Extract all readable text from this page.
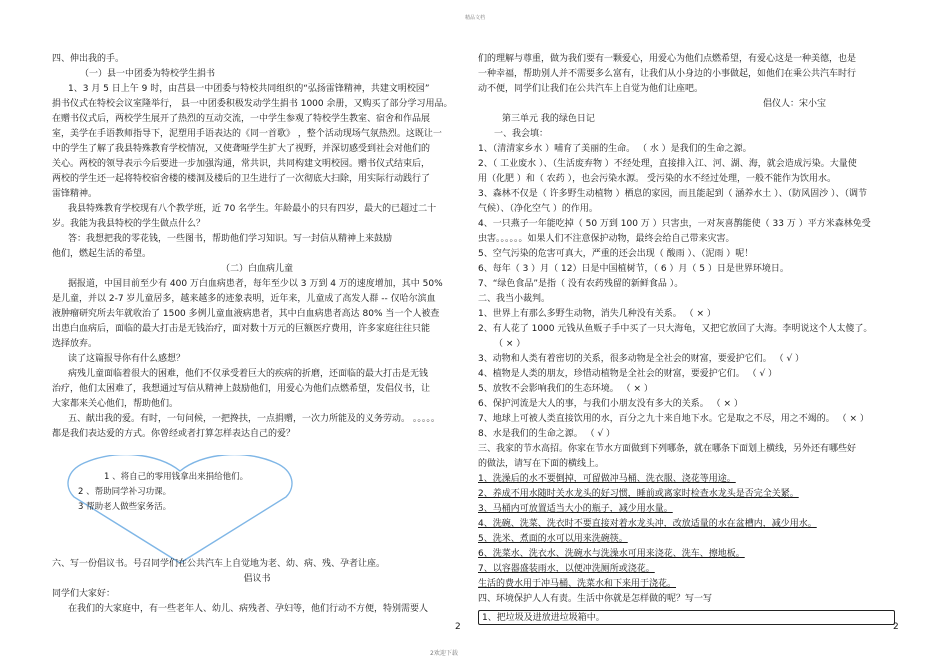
精品文档

四、伸出我的手。

（一）县一中团委为特校学生捐书

1、3 月 5 日上午 9 时，由莒县一中团委与特校共同组织的“弘扬雷锋精神，共建文明校园”

捐书仪式在特校会议室隆举行， 县一中团委积极发动学生捐书 1000 余册，又购买了部分学习用品。

在赠书仪式后，两校学生展开了热烈的互动交流，一中学生参观了特校学生教室、宿舍和作品展

室，美学在手语教师指导下，泥塑用手语表达的《同一首歌》 ，整个活动现场气氛热烈。这既让一

中的学生了解了我县特殊教育学校情况，又使聋哑学生扩大了视野，并深切感受到社会对他们的

关心。两校的领导表示今后要进一步加强沟通，常共识，共同构建文明校园。赠书仪式结束后，

两校的学生还一起将特校宿舍楼的楼洞及楼后的卫生进行了一次彻底大扫除，用实际行动践行了

雷锋精神。

我县特殊教育学校现有八个教学班，近 70 名学生。年龄最小的只有四岁，最大的已超过二十

岁。我能为我县特校的学生做点什么？

答：我想把我的零花钱，一些图书，帮助他们学习知识。写一封信从精神上来鼓励

他们，燃起生活的希望。

（二）白血病儿童

据报道，中国目前至少有 400 万白血病患者，每年至少以 3 万到 4 万的速度增加，其中 50%

是儿童，并以 2-7 岁儿童居多，越来越多的迹象表明，近年来，儿童成了高发人群 -- 仅哈尔滨血

液肿瘤研究所去年就收治了 1500 多例儿童血液病患者，其中白血病患者高达 80% 当一个人被查

出患白血病后，面临的最大打击是无钱治疗，面对数十万元的巨额医疗费用，许多家庭往往只能

选择放弃。

读了这篇报导你有什么感想？

病残儿童面临着很大的困难，他们不仅承受着巨大的疾病的折磨，还面临的最大打击是无钱

治疗，他们太困难了，我想通过写信从精神上鼓励他们，用爱心为他们点燃希望，发倡仪书，让

大家都来关心他们，帮助他们。

五、献出我的爱。有时，一句问候，一把搀扶，一点捐赠，一次力所能及的义务劳动。 。。。。。

都是我们表达爱的方式。你曾经或者打算怎样表达自己的爱？

1 、将自己的零用钱拿出来捐给他们。

2 、帮助同学补习功课。

3 帮助老人做些家务活。

六、写一份倡议书。号召同学们在公共汽车上自觉地为老、幼、病、残、孕者让座。

倡议书

同学们大家好：

在我们的大家庭中，有一些老年人、幼儿、病残者、孕妇等，他们行动不方便，特别需要人

们的理解与尊重，做为我们要有一颗爱心，用爱心为他们点燃希望，有爱心这是一种美德，也是

一种幸福，帮助别人并不需要多么富有，让我们从小身边的小事做起，如他们在乘公共汽车时行

动不便，同学们让我们在公共汽车上自觉为他们让座吧。

倡仪人：宋小宝

第三单元 我的绿色日记

一、我会填：

1、（清清家乡水 ）哺育了美丽的生命。 （ 水 ）是我们的生命之源。

2、（ 工业废水 ）、（生活废弃物 ）不经处理，直接排入江、河、湖、海，就会造成污染。大量使

用（化肥 ）和（ 农药 ），也会污染水源。 受污染的水不经过处理，一般不能作为饮用水。

3、森林不仅是（ 许多野生动植物 ）栖息的家园，而且能起到（ 涵养水土 ）、（防风固沙 ）、（调节

气候）、（净化空气 ）的作用。

4、一只燕子一年能吃掉（ 50 万到 100 万 ）只害虫，一对灰喜鹊能使（ 33 万 ）平方米森林免受

虫害。。。。。。如果人们不注意保护动物，最终会给自己带来灾害。

5、空气污染的危害可真大，严重的还会出现（ 酸雨 ）、（泥雨 ）呢！

6、每年（ 3 ）月（ 12）日是中国植树节，（ 6 ）月（ 5 ）日是世界环境日。

7、“绿色食品”是指（ 没有农药残留的新鲜食品 ）。

二、我当小裁判。

1、世界上有那么多野生动物，消失几种没有关系。 （ × ）

2、有人花了 1000 元钱从鱼贩子手中买了一只大海龟，又把它放回了大海。李明说这个人太傻了。

（ × ）

3、动物和人类有着密切的关系，很多动物是全社会的财富，要爱护它们。 （ √ ）

4、植物是人类的朋友，珍惜动植物是全社会的财富，要爱护它们。 （ √ ）

5、放牧不会影响我们的生态环境。 （ × ）

6、保护河流是大人的事，与我们小朋友没有多大的关系。 （ × ）

7、地球上可被人类直接饮用的水，百分之九十来自地下水。它是取之不尽，用之不竭的。 （ × ）

8、水是我们的生命之源。 （ √ ）

三、我家的节水高招。你家在节水方面做到下列哪条，就在哪条下面划上横线，另外还有哪些好

的做法，请写在下面的横线上。

1、洗澡后的水不要倒掉，可留做冲马桶、洗衣服、浇花等用途。

2、养成不用水随时关水龙头的好习惯，睡前或离家时检查水龙头是否完全关紧。

3、马桶内可放置适当大小的瓶子，减少用水量。

4、洗碗、洗菜、洗衣时不要直接对着水龙头冲，改放适量的水在盆槽内，减少用水。

5、洗米、煮面的水可以用来洗碗筷。

6、洗菜水、洗衣水、洗碗水与洗澡水可用来浇花、洗车、擦地板。

7、以容器盛装雨水，以便冲洗厕所或浇花。

生活的费水用于冲马桶、洗菜水和下来用于浇花。

四、环境保护人人有责。生活中你就是怎样做的呢？写一写

1、把垃圾及进放进垃圾箱中。
2	2
2欢迎下载
